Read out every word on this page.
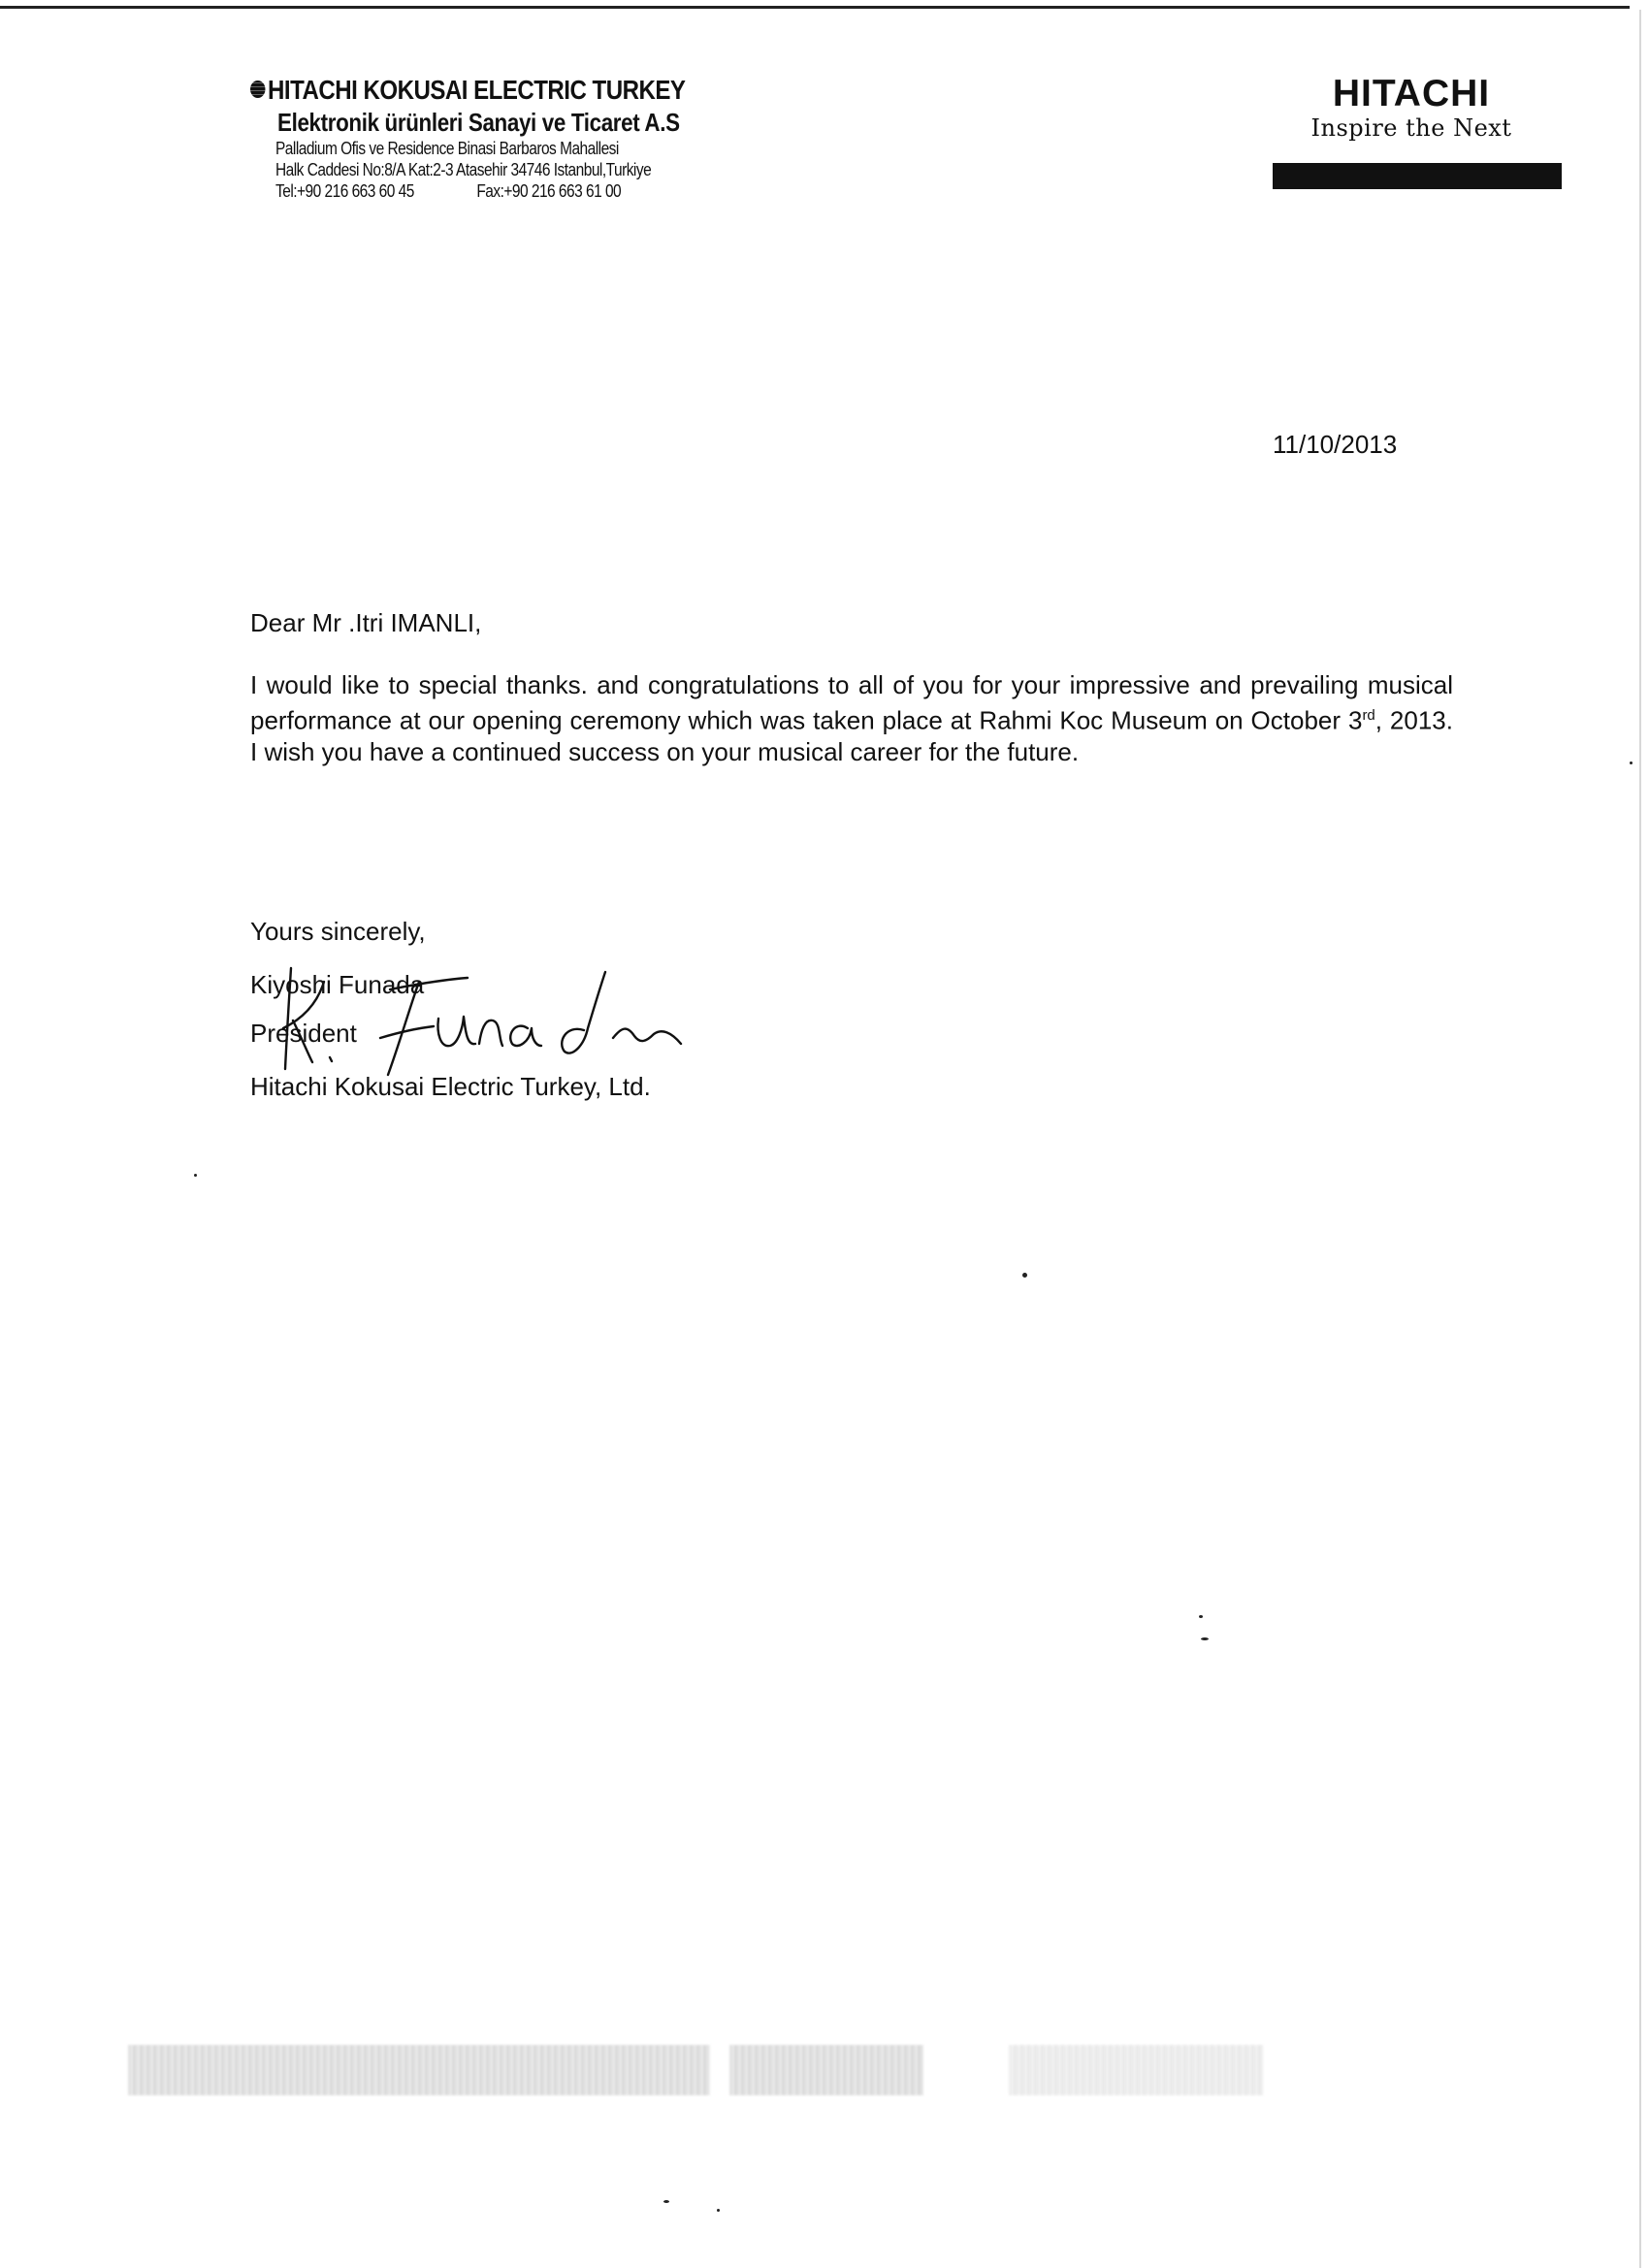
HITACHI KOKUSAI ELECTRIC TURKEY
Elektronik ürünleri Sanayi ve Ticaret A.S
Palladium Ofis ve Residence Binasi Barbaros Mahallesi
Halk Caddesi No:8/A Kat:2-3 Atasehir 34746 Istanbul,Turkiye
Tel:+90 216 663 60 45	Fax:+90 216 663 61 00
HITACHI
Inspire the Next
11/10/2013
Dear Mr .Itri IMANLI,

I would like to special thanks. and congratulations to all of you for your impressive and prevailing musical performance at our opening ceremony which was taken place at Rahmi Koc Museum on October 3rd, 2013. I wish you have a continued success on your musical career for the future.

Yours sincerely,
Kiyoshi Funada
President
Hitachi Kokusai Electric Turkey, Ltd.
